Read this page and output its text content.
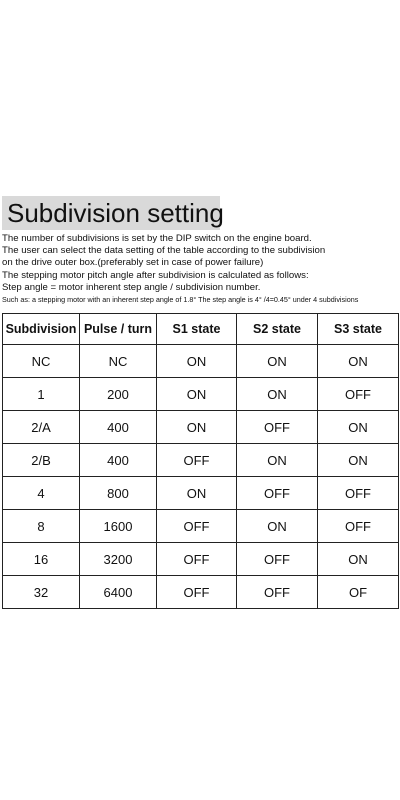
Subdivision setting
The number of subdivisions is set by the DIP switch on the engine board.
The user can select the data setting of the table according to the subdivision
on the drive outer box.(preferably set in case of power failure)
The stepping motor pitch angle after subdivision is calculated as follows:
Step angle = motor inherent step angle / subdivision number.
Such as: a stepping motor with an inherent step angle of 1.8° The step angle is 4° /4=0.45° under 4 subdivisions
Subdivision	Pulse / turn	S1 state	S2 state	S3 state
NC	NC	ON	ON	ON
1	200	ON	ON	OFF
2/A	400	ON	OFF	ON
2/B	400	OFF	ON	ON
4	800	ON	OFF	OFF
8	1600	OFF	ON	OFF
16	3200	OFF	OFF	ON
32	6400	OFF	OFF	OF
